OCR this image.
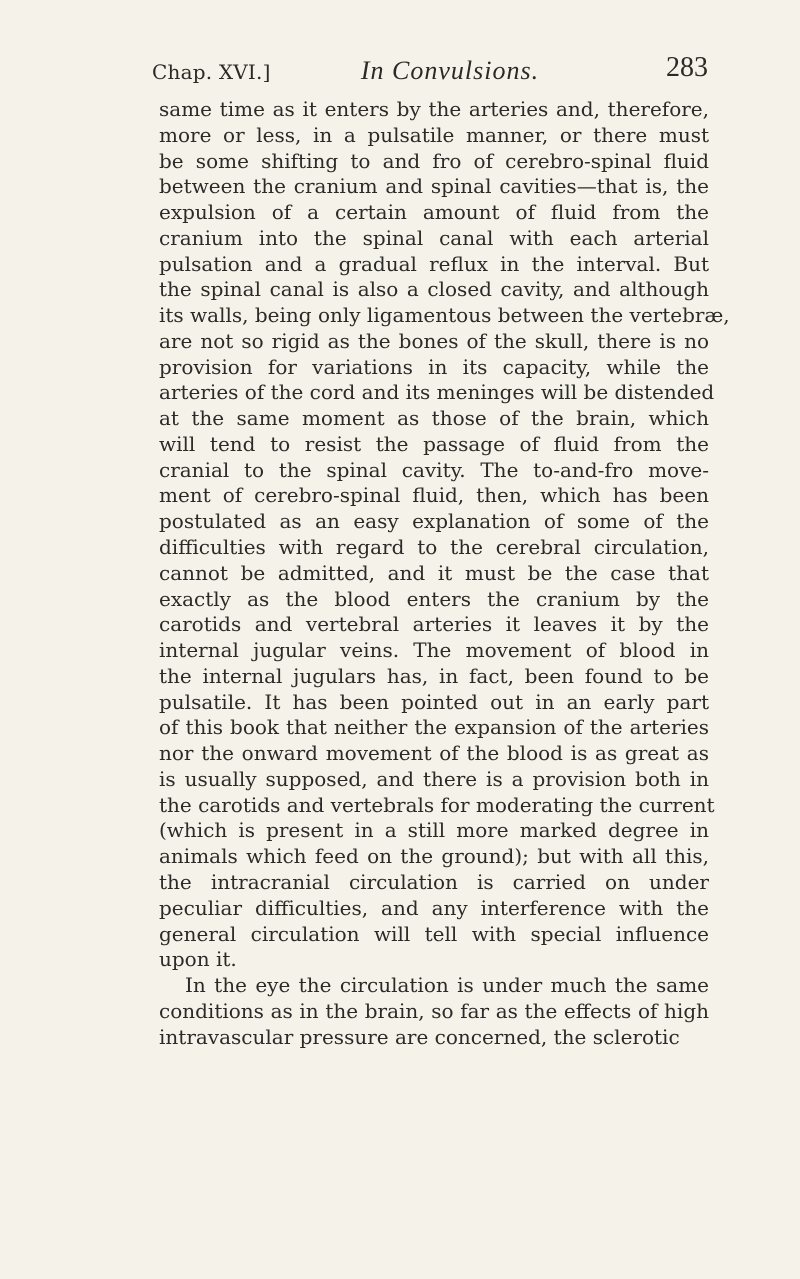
Chap. XVI.]	In Convulsions.	283
same time as it enters by the arteries and, therefore,
more or less, in a pulsatile manner, or there must
be some shifting to and fro of cerebro-spinal fluid
between the cranium and spinal cavities—that is, the
expulsion of a certain amount of fluid from the
cranium into the spinal canal with each arterial
pulsation and a gradual reflux in the interval. But
the spinal canal is also a closed cavity, and although
its walls, being only ligamentous between the vertebræ,
are not so rigid as the bones of the skull, there is no
provision for variations in its capacity, while the
arteries of the cord and its meninges will be distended
at the same moment as those of the brain, which
will tend to resist the passage of fluid from the
cranial to the spinal cavity. The to-and-fro move-
ment of cerebro-spinal fluid, then, which has been
postulated as an easy explanation of some of the
difficulties with regard to the cerebral circulation,
cannot be admitted, and it must be the case that
exactly as the blood enters the cranium by the
carotids and vertebral arteries it leaves it by the
internal jugular veins. The movement of blood in
the internal jugulars has, in fact, been found to be
pulsatile. It has been pointed out in an early part
of this book that neither the expansion of the arteries
nor the onward movement of the blood is as great as
is usually supposed, and there is a provision both in
the carotids and vertebrals for moderating the current
(which is present in a still more marked degree in
animals which feed on the ground); but with all this,
the intracranial circulation is carried on under
peculiar difficulties, and any interference with the
general circulation will tell with special influence
upon it.
In the eye the circulation is under much the same
conditions as in the brain, so far as the effects of high
intravascular pressure are concerned, the sclerotic
